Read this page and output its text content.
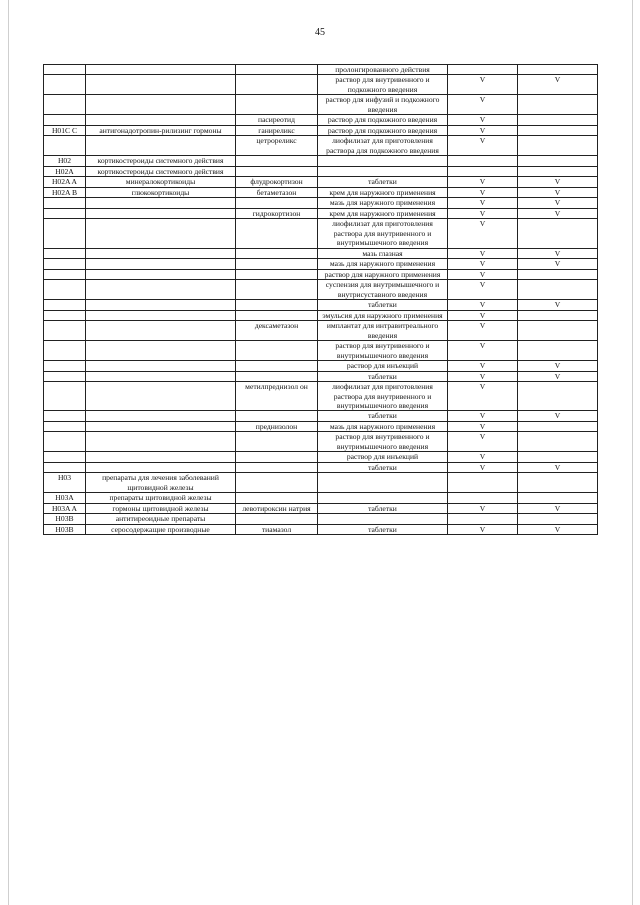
45
			пролонгированного действия		
			раствор для внутривенного и подкожного введения	V	V
			раствор для инфузий и подкожного введения	V	
		пасиреотид	раствор для подкожного введения	V	
H01C C	антигонадотропин-рилизинг гормоны	ганиреликс	раствор для подкожного введения	V	
		цетрореликс	лиофилизат для приготовления раствора для подкожного введения	V	
H02	кортикостероиды системного действия				
H02A	кортикостероиды системного действия				
H02A A	минералокортикоиды	флудрокортизон	таблетки	V	V
H02A B	глюкокортикоиды	бетаметазон	крем для наружного применения	V	V
			мазь для наружного применения	V	V
		гидрокортизон	крем для наружного применения	V	V
			лиофилизат для приготовления раствора для внутривенного и внутримышечного введения	V	
			мазь глазная	V	V
			мазь для наружного применения	V	V
			раствор для наружного применения	V	
			суспензия для внутримышечного и внутрисуставного введения	V	
			таблетки	V	V
			эмульсия для наружного применения	V	
		дексаметазон	имплантат для интравитреального введения	V	
			раствор для внутривенного и внутримышечного введения	V	
			раствор для инъекций	V	V
			таблетки	V	V
		метилпреднизол он	лиофилизат для приготовления раствора для внутривенного и внутримышечного введения	V	
			таблетки	V	V
		преднизолон	мазь для наружного применения	V	
			раствор для внутривенного и внутримышечного введения	V	
			раствор для инъекций	V	
			таблетки	V	V
H03	препараты для лечения заболеваний щитовидной железы				
H03A	препараты щитовидной железы				
H03A A	гормоны щитовидной железы	левотироксин натрия	таблетки	V	V
H03B	антитиреоидные препараты				
H03B	серосодержащие производные	тиамазол	таблетки	V	V
